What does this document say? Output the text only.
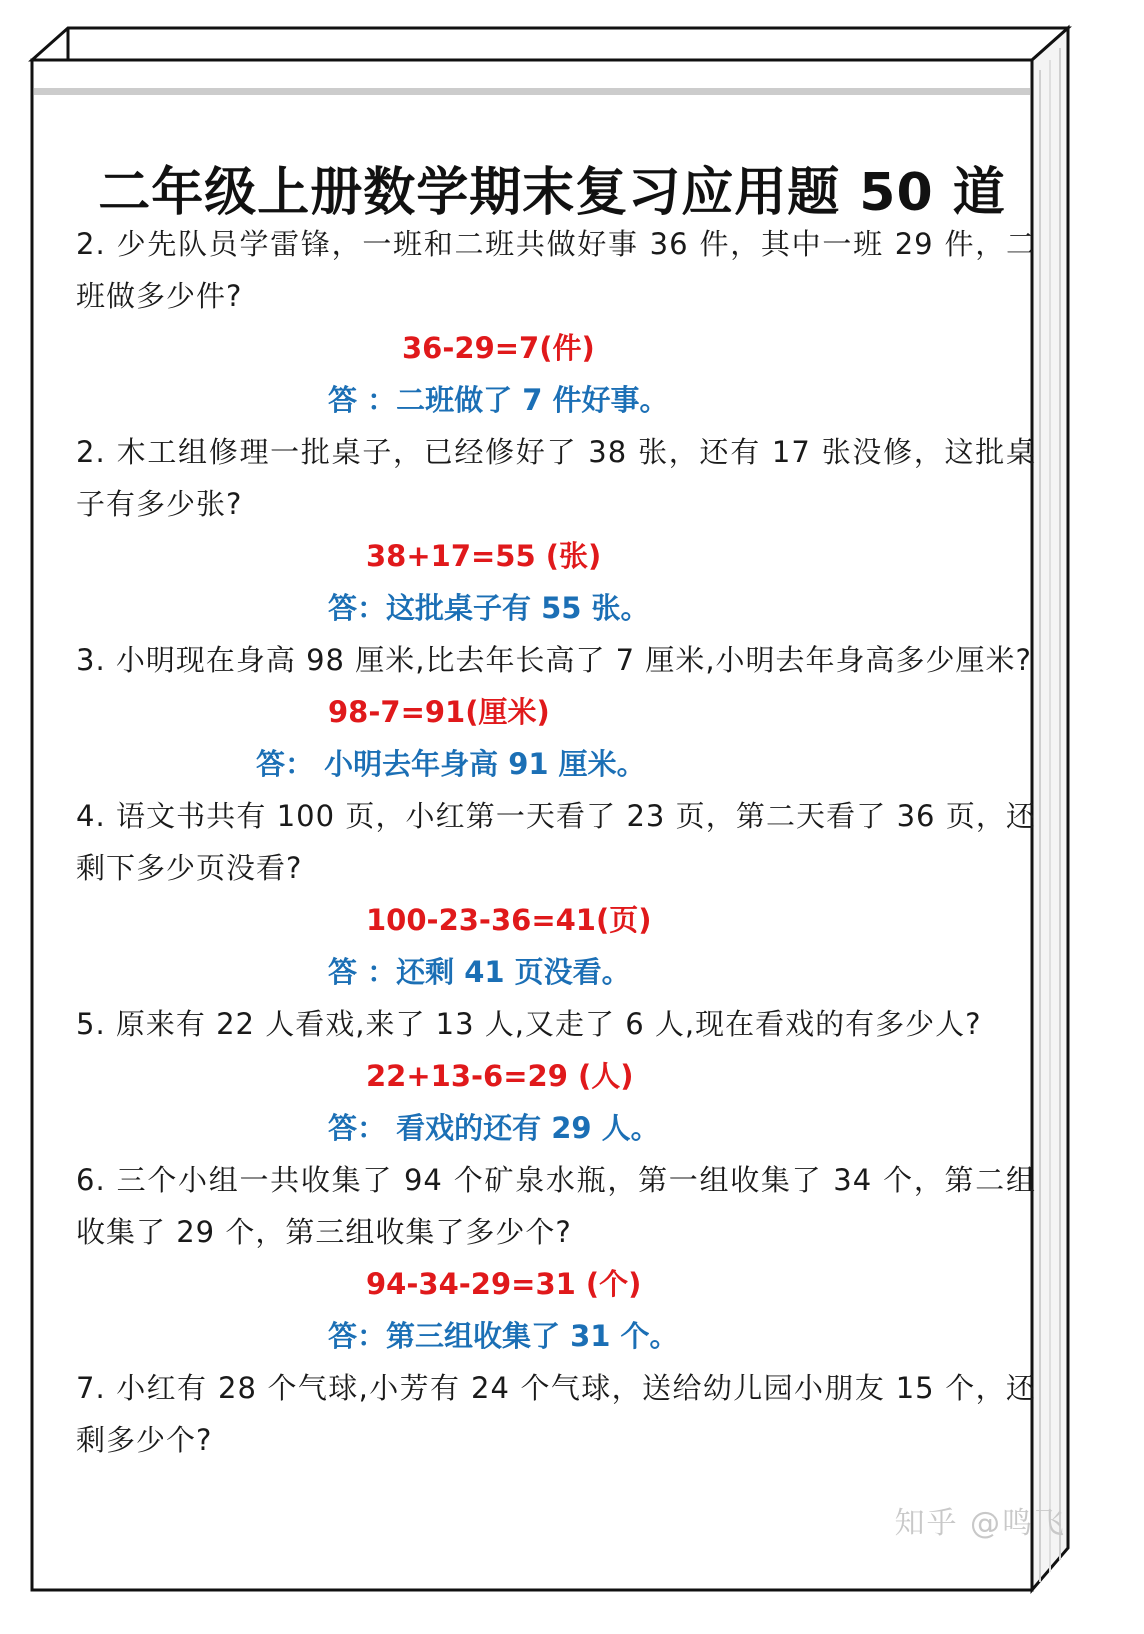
二年级上册数学期末复习应用题 50 道
2. 少先队员学雷锋，一班和二班共做好事 36 件，其中一班 29 件，二班做多少件?
36-29=7(件)
答 ：二班做了 7 件好事。
2. 木工组修理一批桌子，已经修好了 38 张，还有 17 张没修，这批桌子有多少张?
38+17=55 (张)
答：这批桌子有 55 张。
3. 小明现在身高 98 厘米,比去年长高了 7 厘米,小明去年身高多少厘米?
98-7=91(厘米)
答： 小明去年身高 91 厘米。
4. 语文书共有 100 页，小红第一天看了 23 页，第二天看了 36 页，还剩下多少页没看?
100-23-36=41(页)
答 ：还剩 41 页没看。
5. 原来有 22 人看戏,来了 13 人,又走了 6 人,现在看戏的有多少人?
22+13-6=29 (人)
答： 看戏的还有 29 人。
6. 三个小组一共收集了 94 个矿泉水瓶，第一组收集了 34 个，第二组收集了 29 个，第三组收集了多少个?
94-34-29=31 (个)
答：第三组收集了 31 个。
7. 小红有 28 个气球,小芳有 24 个气球，送给幼儿园小朋友 15 个，还剩多少个?
知乎 @鸣飞
